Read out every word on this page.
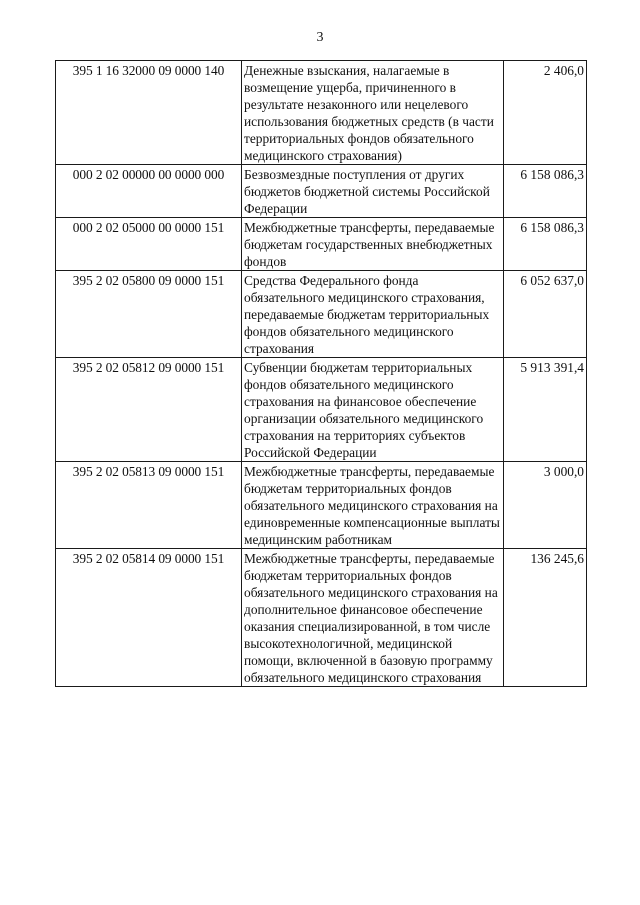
3
395 1 16 32000 09 0000 140	Денежные взыскания, налагаемые в возмещение ущерба, причиненного в результате незаконного или нецелевого использования бюджетных средств (в части территориальных фондов обязательного медицинского страхования)	2 406,0
000 2 02 00000 00 0000 000	Безвозмездные поступления от других бюджетов бюджетной системы Российской Федерации	6 158 086,3
000 2 02 05000 00 0000 151	Межбюджетные трансферты, передаваемые бюджетам государственных внебюджетных фондов	6 158 086,3
395 2 02 05800 09 0000 151	Средства Федерального фонда обязательного медицинского страхования, передаваемые бюджетам территориальных фондов обязательного медицинского страхования	6 052 637,0
395 2 02 05812 09 0000 151	Субвенции бюджетам территориальных фондов обязательного медицинского страхования на финансовое обеспечение организации обязательного медицинского страхования на территориях субъектов Российской Федерации	5 913 391,4
395 2 02 05813 09 0000 151	Межбюджетные трансферты, передаваемые бюджетам территориальных фондов обязательного медицинского страхования на единовременные компенсационные выплаты медицинским работникам	3 000,0
395 2 02 05814 09 0000 151	Межбюджетные трансферты, передаваемые бюджетам территориальных фондов обязательного медицинского страхования на дополнительное финансовое обеспечение оказания специализированной, в том числе высокотехнологичной, медицинской помощи, включенной в базовую программу обязательного медицинского страхования	136 245,6
